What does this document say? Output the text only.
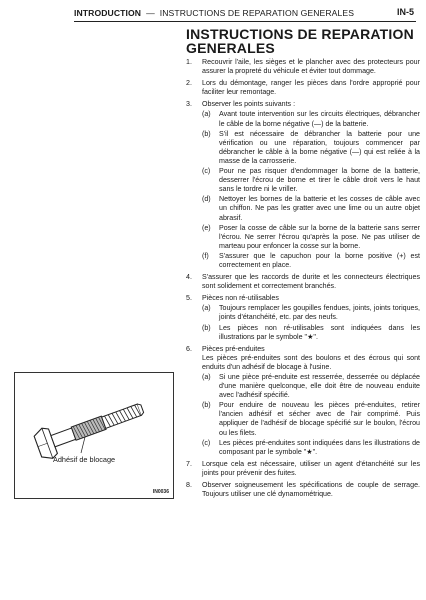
INTRODUCTION — INSTRUCTIONS DE REPARATION GENERALES	IN-5
INSTRUCTIONS DE REPARATION GENERALES
1. Recouvrir l'aile, les sièges et le plancher avec des protecteurs pour assurer la propreté du véhicule et éviter tout dommage.
2. Lors du démontage, ranger les pièces dans l'ordre approprié pour faciliter leur remontage.
3. Observer les points suivants :
(a) Avant toute intervention sur les circuits électriques, débrancher le câble de la borne négative (—) de la batterie.
(b) S'il est nécessaire de débrancher la batterie pour une vérification ou une réparation, toujours commencer par débrancher le câble à la borne négative (—) qui est reliée à la masse de la carrosserie.
(c) Pour ne pas risquer d'endommager la borne de la batterie, desserrer l'écrou de borne et tirer le câble droit vers le haut sans le tordre ni le vriller.
(d) Nettoyer les bornes de la batterie et les cosses de câble avec un chiffon. Ne pas les gratter avec une lime ou un autre objet abrasif.
(e) Poser la cosse de câble sur la borne de la batterie sans serrer l'écrou. Ne serrer l'écrou qu'après la pose. Ne pas utiliser de marteau pour enfoncer la cosse sur la borne.
(f) S'assurer que le capuchon pour la borne positive (+) est correctement en place.
4. S'assurer que les raccords de durite et les connecteurs électriques sont solidement et correctement branchés.
5. Pièces non ré-utilisables
(a) Toujours remplacer les goupilles fendues, joints, joints toriques, joints d'étanchéité, etc. par des neufs.
(b) Les pièces non ré-utilisables sont indiquées dans les illustrations par le symbole "★".
6. Pièces pré-enduites
Les pièces pré-enduites sont des boulons et des écrous qui sont enduits d'un adhésif de blocage à l'usine.
(a) Si une pièce pré-enduite est resserrée, desserrée ou déplacée d'une manière quelconque, elle doit être de nouveau enduite avec l'adhésif spécifié.
(b) Pour enduire de nouveau les pièces pré-enduites, retirer l'ancien adhésif et sécher avec de l'air comprimé. Puis appliquer de l'adhésif de blocage spécifié sur le boulon, l'écrou ou les filets.
(c) Les pièces pré-enduites sont indiquées dans les illustrations de composant par le symbole "★".
7. Lorsque cela est nécessaire, utiliser un agent d'étanchéité sur les joints pour prévenir des fuites.
8. Observer soigneusement les spécifications de couple de serrage. Toujours utiliser une clé dynamométrique.
Adhésif de blocage
IN0036
